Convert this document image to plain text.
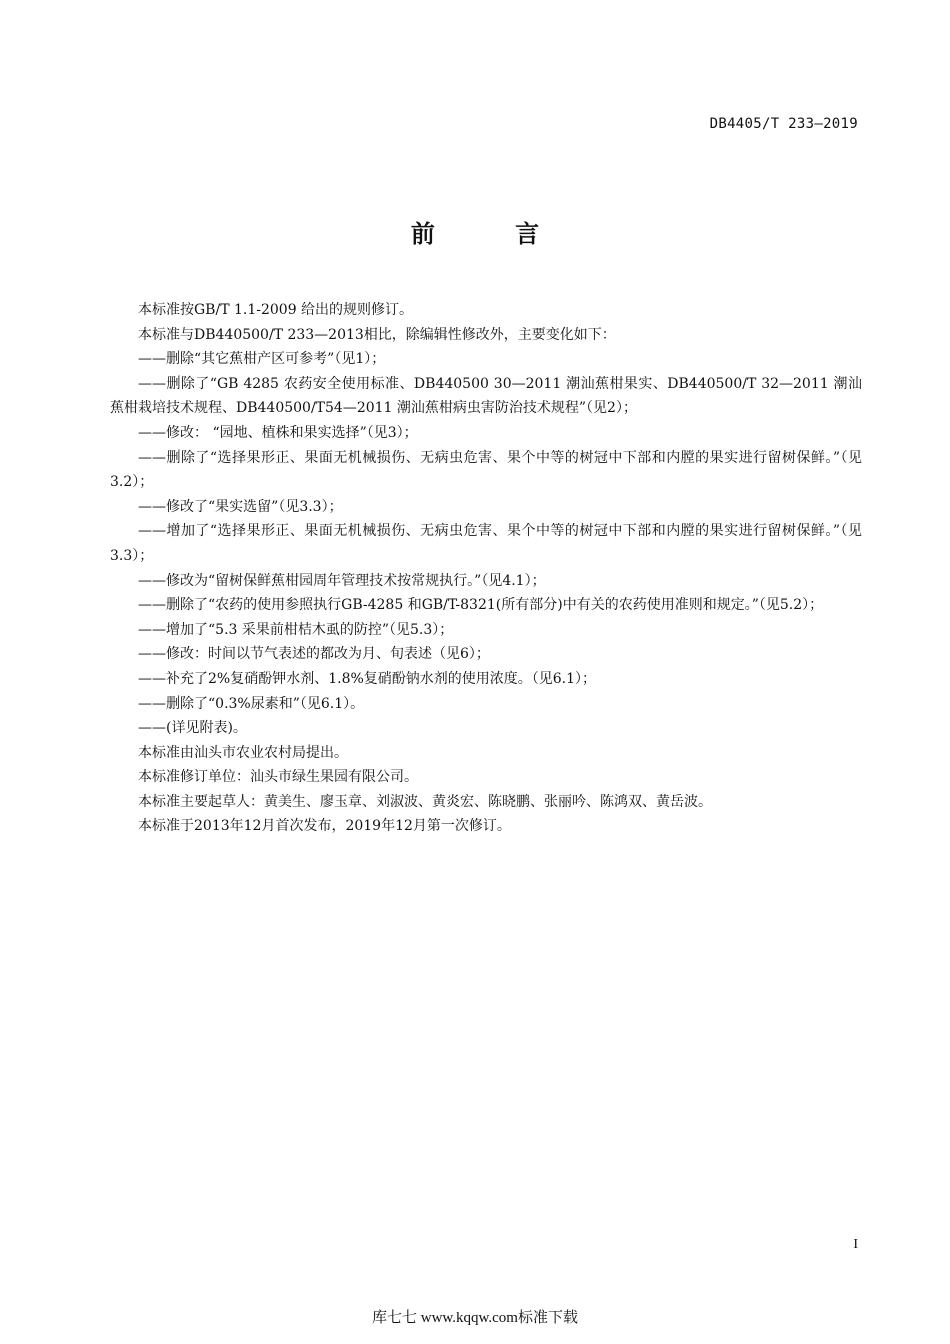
DB4405/T 233—2019
前 言

本标准按GB/T 1.1-2009 给出的规则修订。

本标准与DB440500/T 233—2013相比，除编辑性修改外，主要变化如下：

——删除“其它蕉柑产区可参考”（见1）；

——删除了“GB 4285 农药安全使用标准、DB440500 30—2011 潮汕蕉柑果实、DB440500/T 32—2011 潮汕蕉柑栽培技术规程、DB440500/T54—2011 潮汕蕉柑病虫害防治技术规程”（见2）；

——修改： “园地、植株和果实选择”（见3）；

——删除了“选择果形正、果面无机械损伤、无病虫危害、果个中等的树冠中下部和内膛的果实进行留树保鲜。”（见3.2）；

——修改了“果实选留”（见3.3）；

——增加了“选择果形正、果面无机械损伤、无病虫危害、果个中等的树冠中下部和内膛的果实进行留树保鲜。”（见3.3）；

——修改为“留树保鲜蕉柑园周年管理技术按常规执行。”（见4.1）；

——删除了“农药的使用参照执行GB-4285 和GB/T-8321(所有部分)中有关的农药使用准则和规定。”（见5.2）；

——增加了“5.3 采果前柑桔木虱的防控”（见5.3）；

——修改：时间以节气表述的都改为月、旬表述（见6）；

——补充了2%复硝酚钾水剂、1.8%复硝酚钠水剂的使用浓度。（见6.1）；

——删除了“0.3%尿素和”（见6.1）。

——(详见附表)。

本标准由汕头市农业农村局提出。

本标准修订单位：汕头市绿生果园有限公司。

本标准主要起草人：黄美生、廖玉章、刘淑波、黄炎宏、陈晓鹏、张丽吟、陈鸿双、黄岳波。

本标准于2013年12月首次发布，2019年12月第一次修订。

I
库七七 www.kqqw.com标准下载
